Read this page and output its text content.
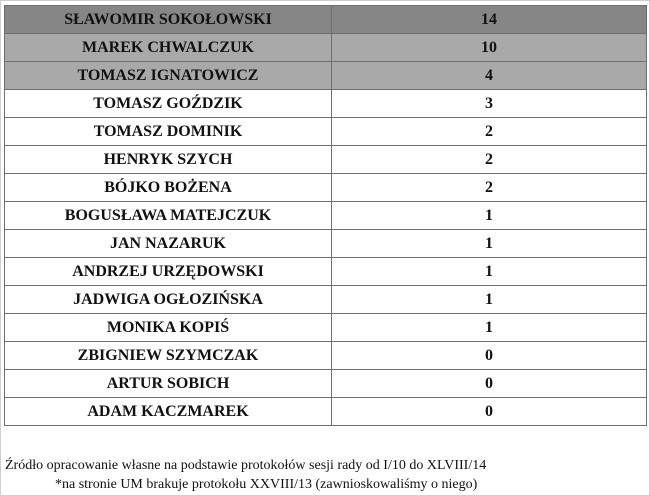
SŁAWOMIR SOKOŁOWSKI	14
MAREK CHWALCZUK	10
TOMASZ IGNATOWICZ	4
TOMASZ GOŹDZIK	3
TOMASZ DOMINIK	2
HENRYK SZYCH	2
BÓJKO BOŻENA	2
BOGUSŁAWA MATEJCZUK	1
JAN NAZARUK	1
ANDRZEJ URZĘDOWSKI	1
JADWIGA OGŁOZIŃSKA	1
MONIKA KOPIŚ	1
ZBIGNIEW SZYMCZAK	0
ARTUR SOBICH	0
ADAM KACZMAREK	0
Źródło opracowanie własne na podstawie protokołów sesji rady od I/10 do XLVIII/14
*na stronie UM brakuje protokołu XXVIII/13 (zawnioskowaliśmy o niego)
